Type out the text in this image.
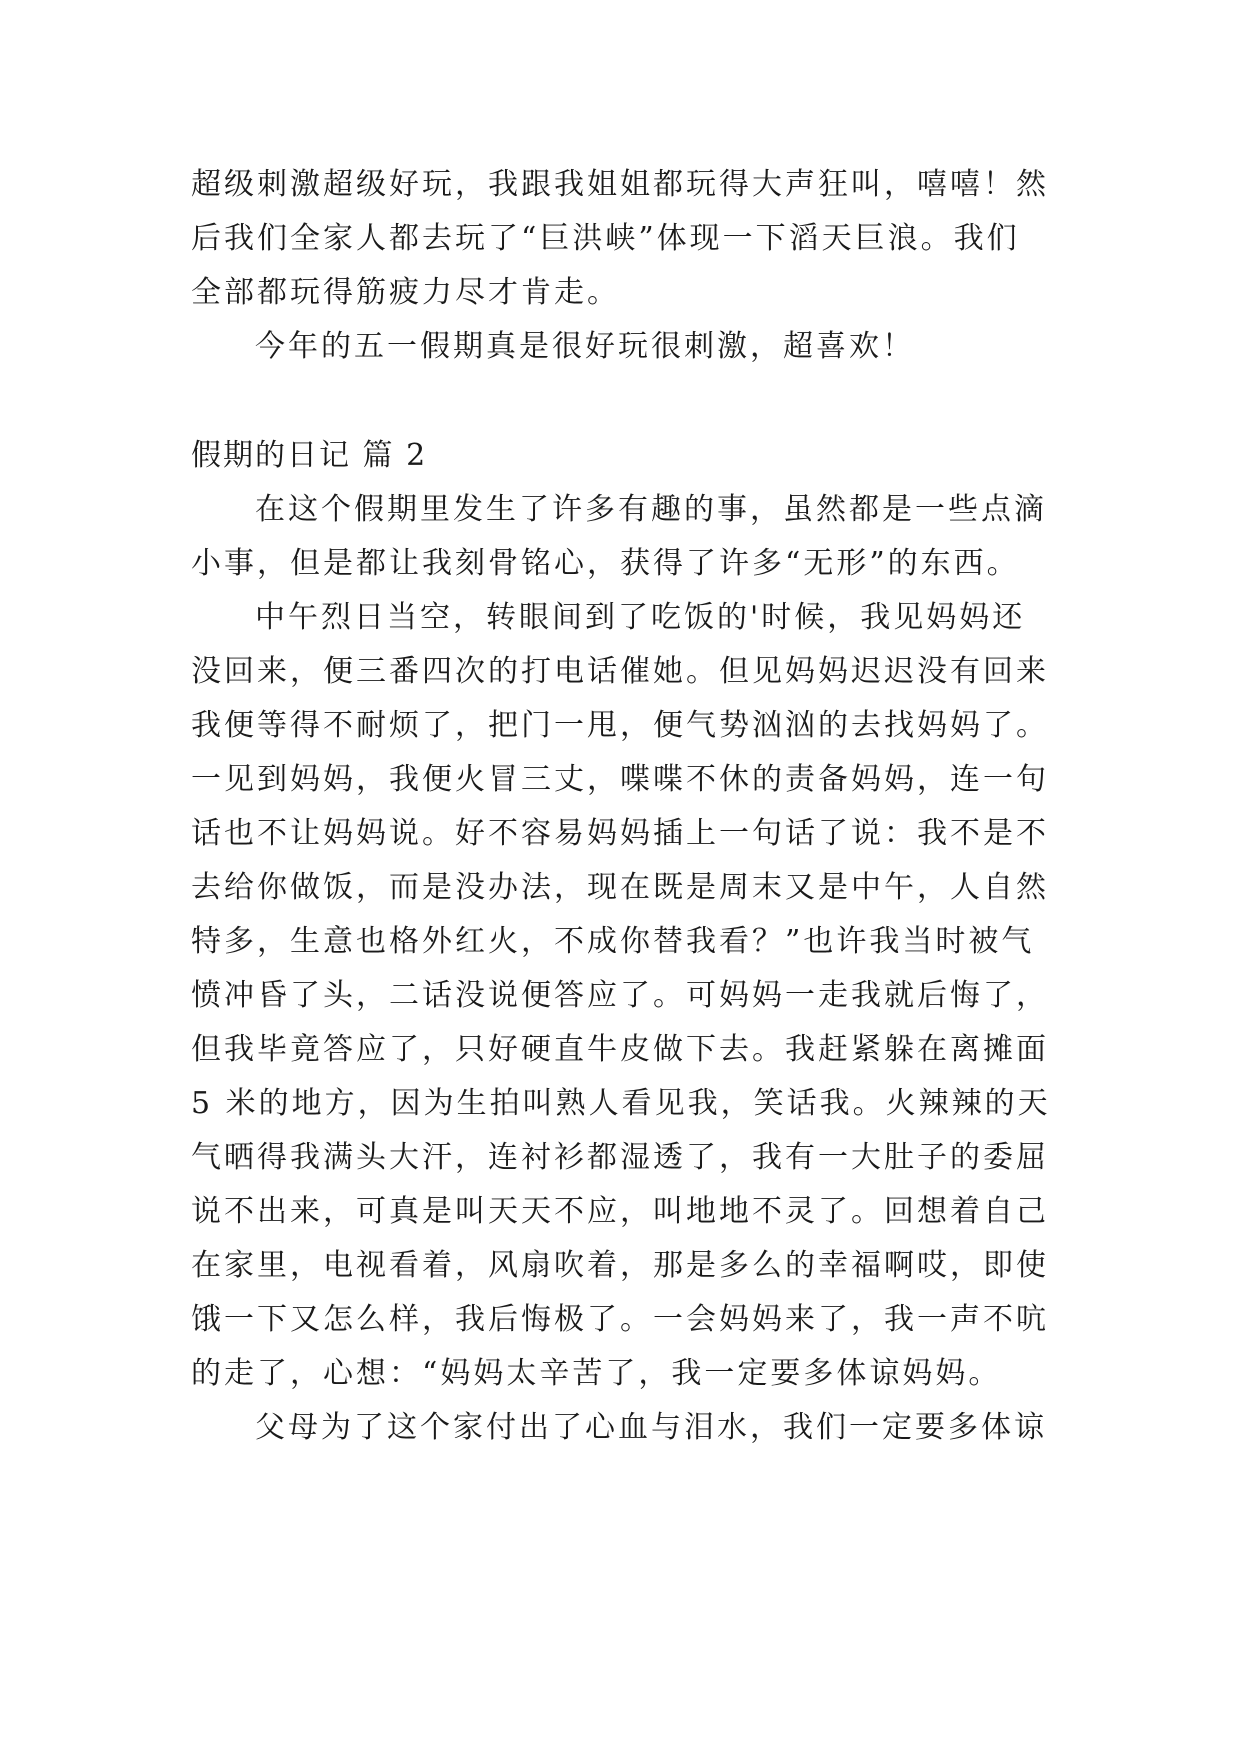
超级刺激超级好玩，我跟我姐姐都玩得大声狂叫，嘻嘻！然
后我们全家人都去玩了“巨洪峡”体现一下滔天巨浪。我们
全部都玩得筋疲力尽才肯走。
今年的五一假期真是很好玩很刺激，超喜欢！
假期的日记 篇 2
在这个假期里发生了许多有趣的事，虽然都是一些点滴
小事，但是都让我刻骨铭心，获得了许多“无形”的东西。
中午烈日当空，转眼间到了吃饭的'时候，我见妈妈还
没回来，便三番四次的打电话催她。但见妈妈迟迟没有回来
我便等得不耐烦了，把门一甩，便气势汹汹的去找妈妈了。
一见到妈妈，我便火冒三丈，喋喋不休的责备妈妈，连一句
话也不让妈妈说。好不容易妈妈插上一句话了说：我不是不
去给你做饭，而是没办法，现在既是周末又是中午，人自然
特多，生意也格外红火，不成你替我看？”也许我当时被气
愤冲昏了头，二话没说便答应了。可妈妈一走我就后悔了，
但我毕竟答应了，只好硬直牛皮做下去。我赶紧躲在离摊面
5 米的地方，因为生拍叫熟人看见我，笑话我。火辣辣的天
气晒得我满头大汗，连衬衫都湿透了，我有一大肚子的委屈
说不出来，可真是叫天天不应，叫地地不灵了。回想着自己
在家里，电视看着，风扇吹着，那是多么的幸福啊哎，即使
饿一下又怎么样，我后悔极了。一会妈妈来了，我一声不吭
的走了，心想：“妈妈太辛苦了，我一定要多体谅妈妈。
父母为了这个家付出了心血与泪水，我们一定要多体谅
